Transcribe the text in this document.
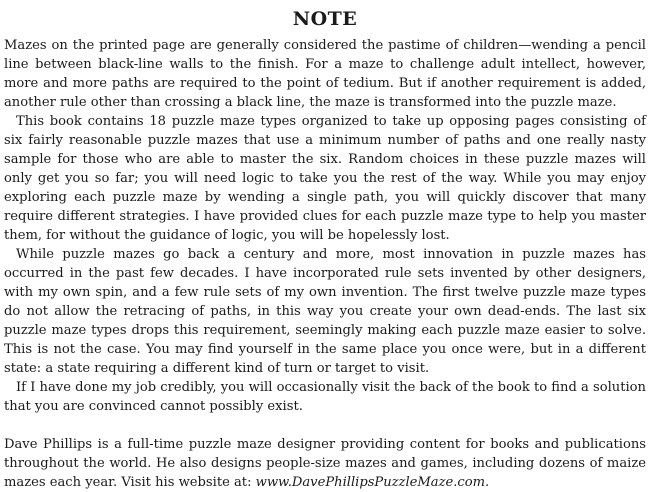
NOTE

Mazes on the printed page are generally considered the pastime of children—wending a pencil line between black-line walls to the finish. For a maze to challenge adult intellect, however, more and more paths are required to the point of tedium. But if another requirement is added, another rule other than crossing a black line, the maze is transformed into the puzzle maze.

This book contains 18 puzzle maze types organized to take up opposing pages consisting of six fairly reasonable puzzle mazes that use a minimum number of paths and one really nasty sample for those who are able to master the six. Random choices in these puzzle mazes will only get you so far; you will need logic to take you the rest of the way. While you may enjoy exploring each puzzle maze by wending a single path, you will quickly discover that many require different strategies. I have provided clues for each puzzle maze type to help you master them, for without the guidance of logic, you will be hopelessly lost.

While puzzle mazes go back a century and more, most innovation in puzzle mazes has occurred in the past few decades. I have incorporated rule sets invented by other designers, with my own spin, and a few rule sets of my own invention. The first twelve puzzle maze types do not allow the retracing of paths, in this way you create your own dead-ends. The last six puzzle maze types drops this requirement, seemingly making each puzzle maze easier to solve. This is not the case. You may find yourself in the same place you once were, but in a different state: a state requiring a different kind of turn or target to visit.

If I have done my job credibly, you will occasionally visit the back of the book to find a solution that you are convinced cannot possibly exist.

Dave Phillips is a full-time puzzle maze designer providing content for books and publications throughout the world. He also designs people-size mazes and games, including dozens of maize mazes each year. Visit his website at: www.DavePhillipsPuzzleMaze.com.
